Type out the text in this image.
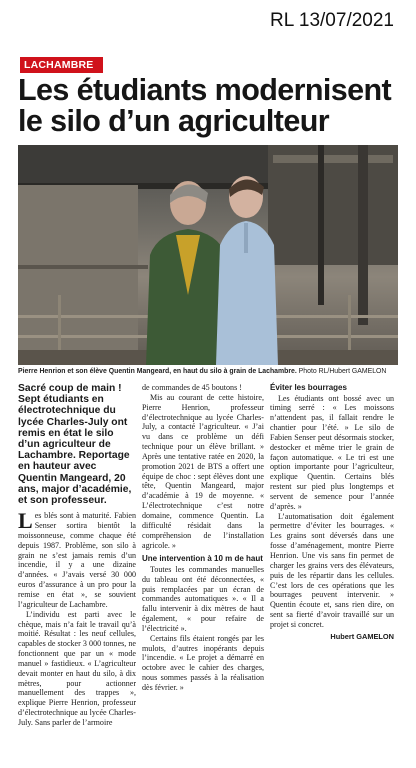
RL 13/07/2021
LACHAMBRE
Les étudiants modernisent le silo d’un agriculteur
Pierre Henrion et son élève Quentin Mangeard, en haut du silo à grain de Lachambre. Photo RL/Hubert GAMELON
Sacré coup de main ! Sept étudiants en électrotechnique du lycée Charles-July ont remis en état le silo d’un agriculteur de Lachambre. Reportage en hauteur avec Quentin Mangeard, 20 ans, major d’académie, et son professeur.

Les blés sont à maturité. Fabien Senser sortira bientôt la moissonneuse, comme chaque été depuis 1987. Problème, son silo à grain ne s’est jamais remis d’un incendie, il y a une dizaine d’années. « J’avais versé 30 000 euros d’assurance à un pro pour la remise en état », se souvient l’agriculteur de Lachambre.

L’individu est parti avec le chèque, mais n’a fait le travail qu’à moitié. Résultat : les neuf cellules, capables de stocker 3 000 tonnes, ne fonctionnent que par un « mode manuel » fastidieux. « L’agriculteur devait monter en haut du silo, à dix mètres, pour actionner manuellement des trappes », explique Pierre Henrion, professeur d’électrotechnique au lycée Charles-July. Sans parler de l’armoire

de commandes de 45 boutons !

Mis au courant de cette histoire, Pierre Henrion, professeur d’électrotechnique au lycée Charles-July, a contacté l’agriculteur. « J’ai vu dans ce problème un défi technique pour un élève brillant. » Après une tentative ratée en 2020, la promotion 2021 de BTS a offert une équipe de choc : sept élèves dont une tête, Quentin Mangeard, major d’académie à 19 de moyenne. « L’électrotechnique c’est notre domaine, commence Quentin. La difficulté résidait dans la compréhension de l’installation agricole. »

Une intervention à 10 m de haut

Toutes les commandes manuelles du tableau ont été déconnectées, « puis remplacées par un écran de commandes automatiques ». « Il a fallu intervenir à dix mètres de haut également, « pour refaire de l’électricité ».

Certains fils étaient rongés par les mulots, d’autres inopérants depuis l’incendie. « Le projet a démarré en octobre avec le cahier des charges, nous sommes passés à la réalisation dès février. »

Éviter les bourrages

Les étudiants ont bossé avec un timing serré : « Les moissons n’attendent pas, il fallait rendre le chantier pour l’été. » Le silo de Fabien Senser peut désormais stocker, destocker et même trier le grain de façon automatique. « Le tri est une option importante pour l’agriculteur, explique Quentin. Certains blés restent sur pied plus longtemps et servent de semence pour l’année d’après. »

L’automatisation doit également permettre d’éviter les bourrages. « Les grains sont déversés dans une fosse d’aménagement, montre Pierre Henrion. Une vis sans fin permet de charger les grains vers des élévateurs, puis de les répartir dans les cellules. C’est lors de ces opérations que les bourrages peuvent intervenir. » Quentin écoute et, sans rien dire, on sent sa fierté d’avoir travaillé sur un projet si concret.

Hubert GAMELON
